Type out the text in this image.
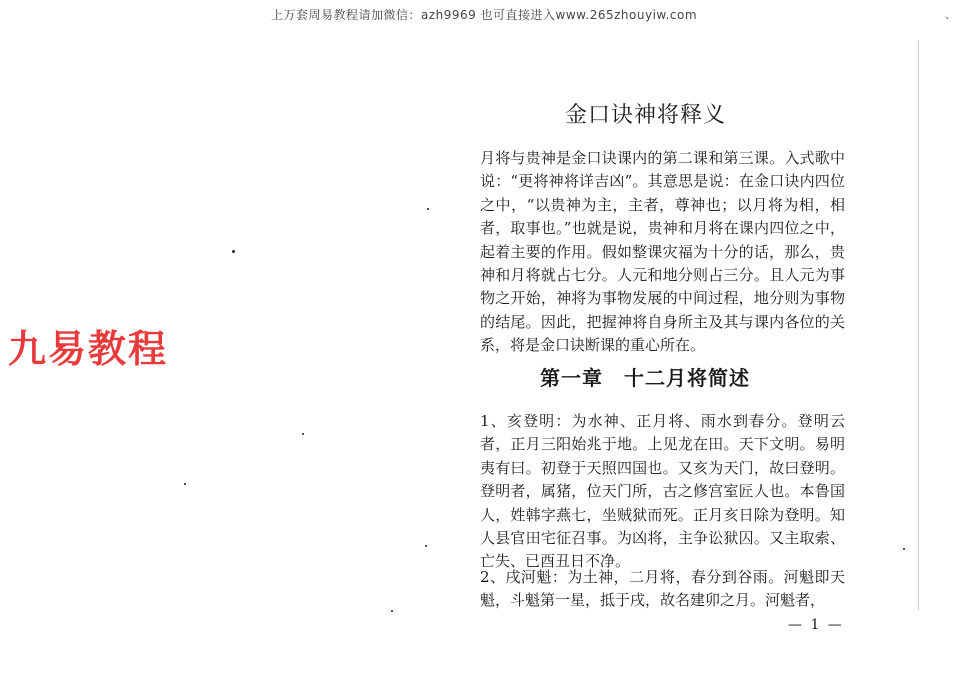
上万套周易教程请加微信：azh9969 也可直接进入www.265zhouyiw.com	、
九易教程
金口诀神将释义

月将与贵神是金口诀课内的第二课和第三课。入式歌中说：“更将神将详吉凶”。其意思是说：在金口诀内四位之中，“以贵神为主，主者，尊神也；以月将为相，相者，取事也。”也就是说，贵神和月将在课内四位之中，起着主要的作用。假如整课灾福为十分的话，那么，贵神和月将就占七分。人元和地分则占三分。且人元为事物之开始，神将为事物发展的中间过程，地分则为事物的结尾。因此，把握神将自身所主及其与课内各位的关系，将是金口诀断课的重心所在。

第一章　十二月将简述

1、亥登明：为水神、正月将、雨水到春分。登明云者，正月三阳始兆于地。上见龙在田。天下文明。易明夷有曰。初登于天照四国也。又亥为天门，故曰登明。登明者，属猪，位天门所，古之修宫室匠人也。本鲁国人，姓韩字燕七，坐贼狱而死。正月亥日除为登明。知人县官田宅征召事。为凶将，主争讼狱囚。又主取索、亡失、已酉丑日不净。

2、戌河魁：为土神，二月将，春分到谷雨。河魁即天魁，斗魁第一星，抵于戌，故名建卯之月。河魁者，

— 1 —
